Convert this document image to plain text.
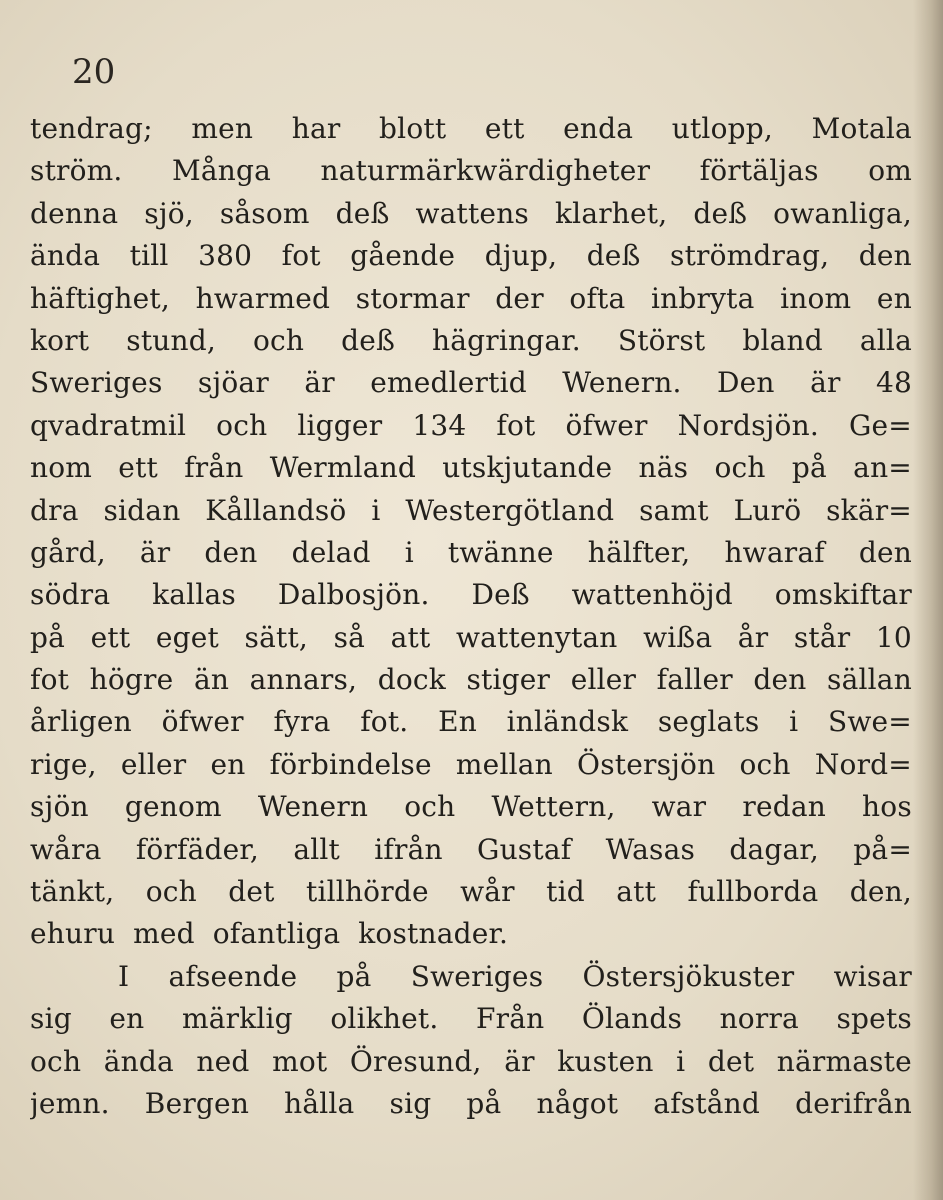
20
tendrag; men har blott ett enda utlopp, Motala
ström. Många naturmärkwärdigheter förtäljas om
denna sjö, såsom deß wattens klarhet, deß owanliga,
ända till 380 fot gående djup, deß strömdrag, den
häftighet, hwarmed stormar der ofta inbryta inom en
kort stund, och deß hägringar. Störst bland alla
Sweriges sjöar är emedlertid Wenern. Den är 48
qvadratmil och ligger 134 fot öfwer Nordsjön. Ge=
nom ett från Wermland utskjutande näs och på an=
dra sidan Kållandsö i Westergötland samt Lurö skär=
gård, är den delad i twänne hälfter, hwaraf den
södra kallas Dalbosjön. Deß wattenhöjd omskiftar
på ett eget sätt, så att wattenytan wißa år står 10
fot högre än annars, dock stiger eller faller den sällan
årligen öfwer fyra fot. En inländsk seglats i Swe=
rige, eller en förbindelse mellan Östersjön och Nord=
sjön genom Wenern och Wettern, war redan hos
wåra förfäder, allt ifrån Gustaf Wasas dagar, på=
tänkt, och det tillhörde wår tid att fullborda den,
ehuru med ofantliga kostnader.
I afseende på Sweriges Östersjökuster wisar
sig en märklig olikhet. Från Ölands norra spets
och ända ned mot Öresund, är kusten i det närmaste
jemn. Bergen hålla sig på något afstånd derifrån
